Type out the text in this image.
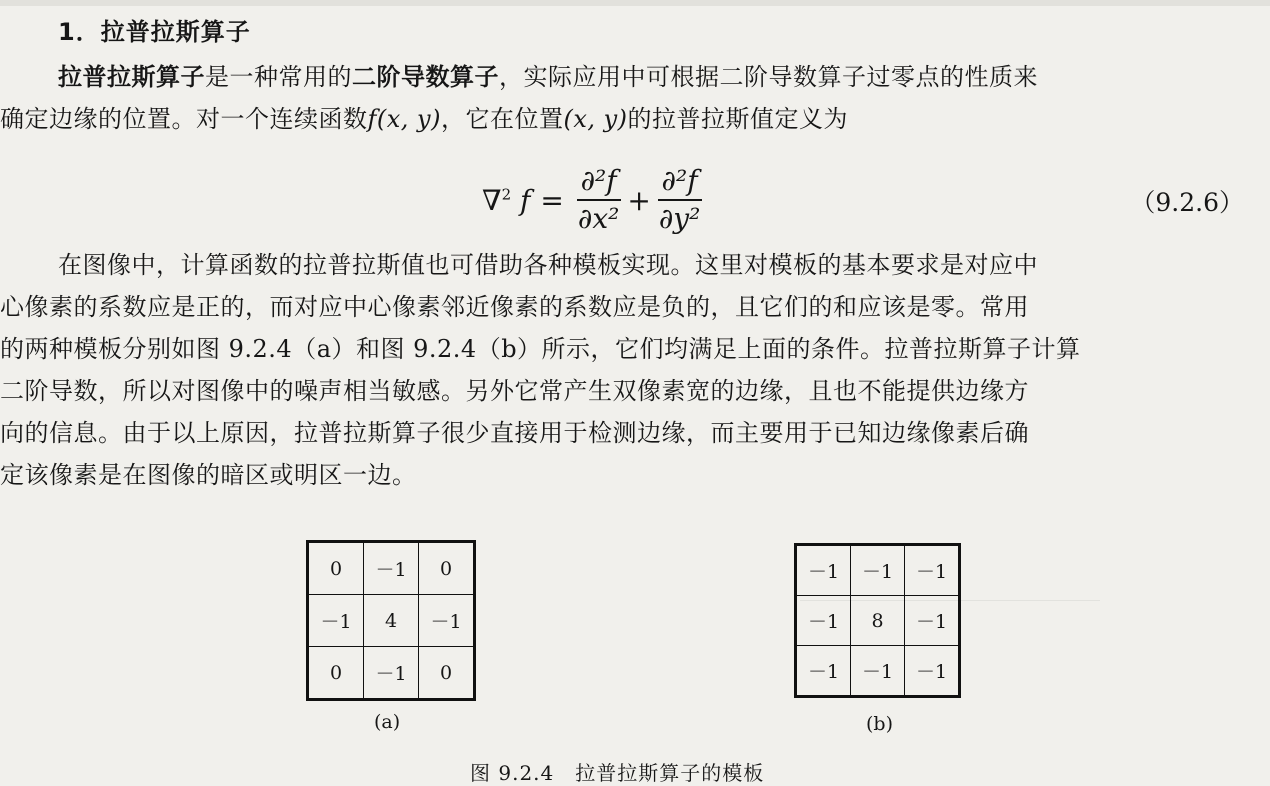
1．拉普拉斯算子

拉普拉斯算子是一种常用的二阶导数算子，实际应用中可根据二阶导数算子过零点的性质来

确定边缘的位置。对一个连续函数f(x, y)，它在位置(x, y)的拉普拉斯值定义为

∇$^2$ $f = \frac{\text{∂²f}}{\text{∂x²}} + \frac{\text{∂²f}}{\text{∂y²}}$	（9.2.6）

在图像中，计算函数的拉普拉斯值也可借助各种模板实现。这里对模板的基本要求是对应中

心像素的系数应是正的，而对应中心像素邻近像素的系数应是负的，且它们的和应该是零。常用

的两种模板分别如图 9.2.4（a）和图 9.2.4（b）所示，它们均满足上面的条件。拉普拉斯算子计算

二阶导数，所以对图像中的噪声相当敏感。另外它常产生双像素宽的边缘，且也不能提供边缘方

向的信息。由于以上原因，拉普拉斯算子很少直接用于检测边缘，而主要用于已知边缘像素后确

定该像素是在图像的暗区或明区一边。

0	－1	0
－1	4	－1
0	－1	0
(a)
－1	－1	－1
－1	8	－1
－1	－1	－1
(b)
图 9.2.4　拉普拉斯算子的模板
